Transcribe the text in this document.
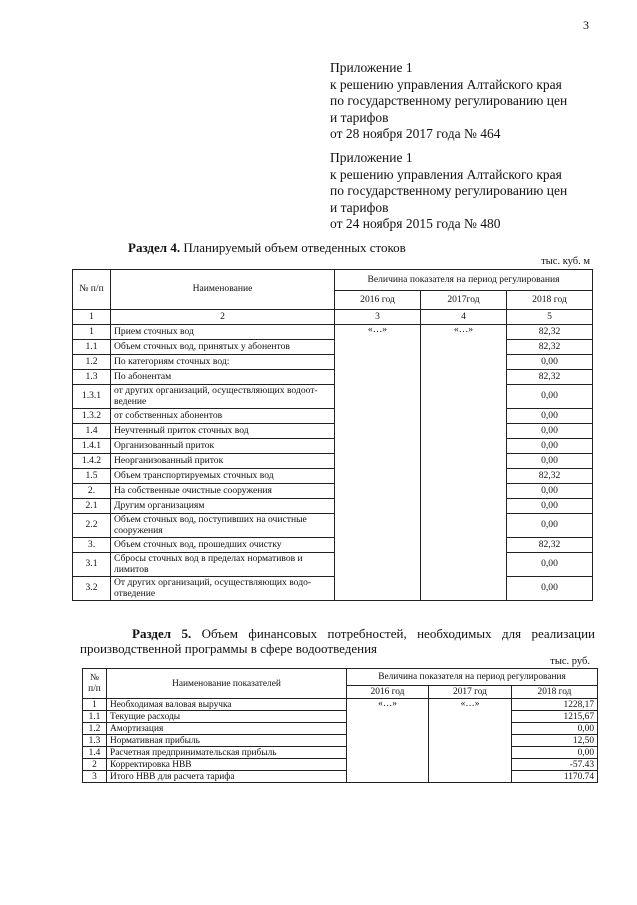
3
Приложение 1
к решению управления Алтайского края
по государственному регулированию цен
и тарифов
от 28 ноября 2017 года № 464
Приложение 1
к решению управления Алтайского края
по государственному регулированию цен
и тарифов
от 24 ноября 2015 года № 480
Раздел 4. Планируемый объем отведенных стоков
тыс. куб. м
№ п/п	Наименование	Величина показателя на период регулирования		
		2016 год	2017год	2018 год
1	2	3	4	5
1	Прием сточных вод	«…»	«…»	82,32
1.1	Объем сточных вод, принятых у абонентов			82,32
1.2	По категориям сточных вод:			0,00
1.3	По абонентам			82,32
1.3.1	от других организаций, осуществляющих водоот-ведение			0,00
1.3.2	от собственных абонентов			0,00
1.4	Неучтенный приток сточных вод			0,00
1.4.1	Организованный приток			0,00
1.4.2	Неорганизованный приток			0,00
1.5	Объем транспортируемых сточных вод			82,32
2.	На собственные очистные сооружения			0,00
2.1	Другим организациям			0,00
2.2	Объем сточных вод, поступивших на очистные сооружения			0,00
3.	Объем сточных вод, прошедших очистку			82,32
3.1	Сбросы сточных вод в пределах нормативов и лимитов			0,00
3.2	От других организаций, осуществляющих водо-отведение			0,00
Раздел 5. Объем финансовых потребностей, необходимых для реализации производственной программы в сфере водоотведения
тыс. руб.
№ п/п	Наименование показателей	Величина показателя на период регулирования		
		2016 год	2017 год	2018 год
1	Необходимая валовая выручка	«…»	«…»	1228,17
1.1	Текущие расходы			1215,67
1.2	Амортизация			0,00
1.3	Нормативная прибыль			12,50
1.4	Расчетная предпринимательская прибыль			0,00
2	Корректировка НВВ			-57.43
3	Итого НВВ для расчета тарифа			1170.74
